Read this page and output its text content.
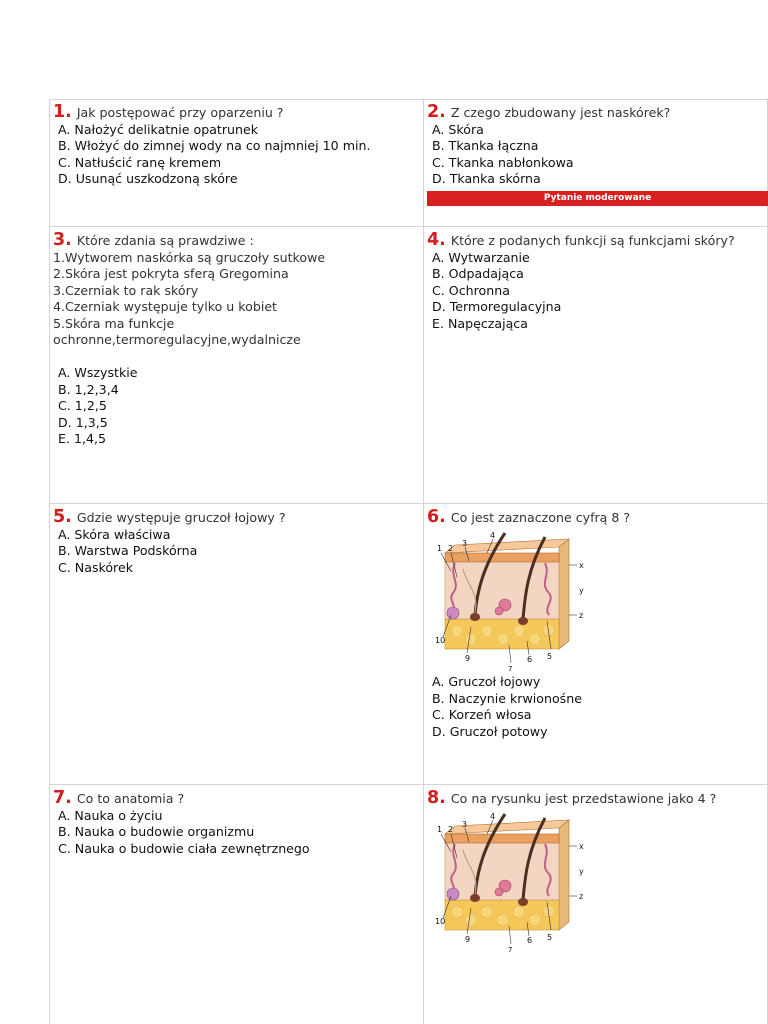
1. Jak postępować przy oparzeniu ?
A. Nałożyć delikatnie opatrunek
B. Włożyć do zimnej wody na co najmniej 10 min.
C. Natłuścić ranę kremem
D. Usunąć uszkodzoną skóre
2. Z czego zbudowany jest naskórek?
A. Skóra
B. Tkanka łączna
C. Tkanka nabłonkowa
D. Tkanka skórna
Pytanie moderowane
3. Które zdania są prawdziwe :
1.Wytworem naskórka są gruczoły sutkowe
2.Skóra jest pokryta sferą Gregomina
3.Czerniak to rak skóry
4.Czerniak występuje tylko u kobiet
5.Skóra ma funkcje
ochronne,termoregulacyjne,wydalnicze
A. Wszystkie
B. 1,2,3,4
C. 1,2,5
D. 1,3,5
E. 1,4,5
4. Które z podanych funkcji są funkcjami skóry?
A. Wytwarzanie
B. Odpadająca
C. Ochronna
D. Termoregulacyjna
E. Napęczająca
5. Gdzie występuje gruczoł łojowy ?
A. Skóra właściwa
B. Warstwa Podskórna
C. Naskórek
6. Co jest zaznaczone cyfrą 8 ?
1 2
3
4
5
6
7
9
10
x
y
z
A. Gruczoł łojowy
B. Naczynie krwionośne
C. Korzeń włosa
D. Gruczoł potowy
7. Co to anatomia ?
A. Nauka o życiu
B. Nauka o budowie organizmu
C. Nauka o budowie ciała zewnętrznego
8. Co na rysunku jest przedstawione jako 4 ?
1 2
3
4
5
6
7
9
10
x
y
z
